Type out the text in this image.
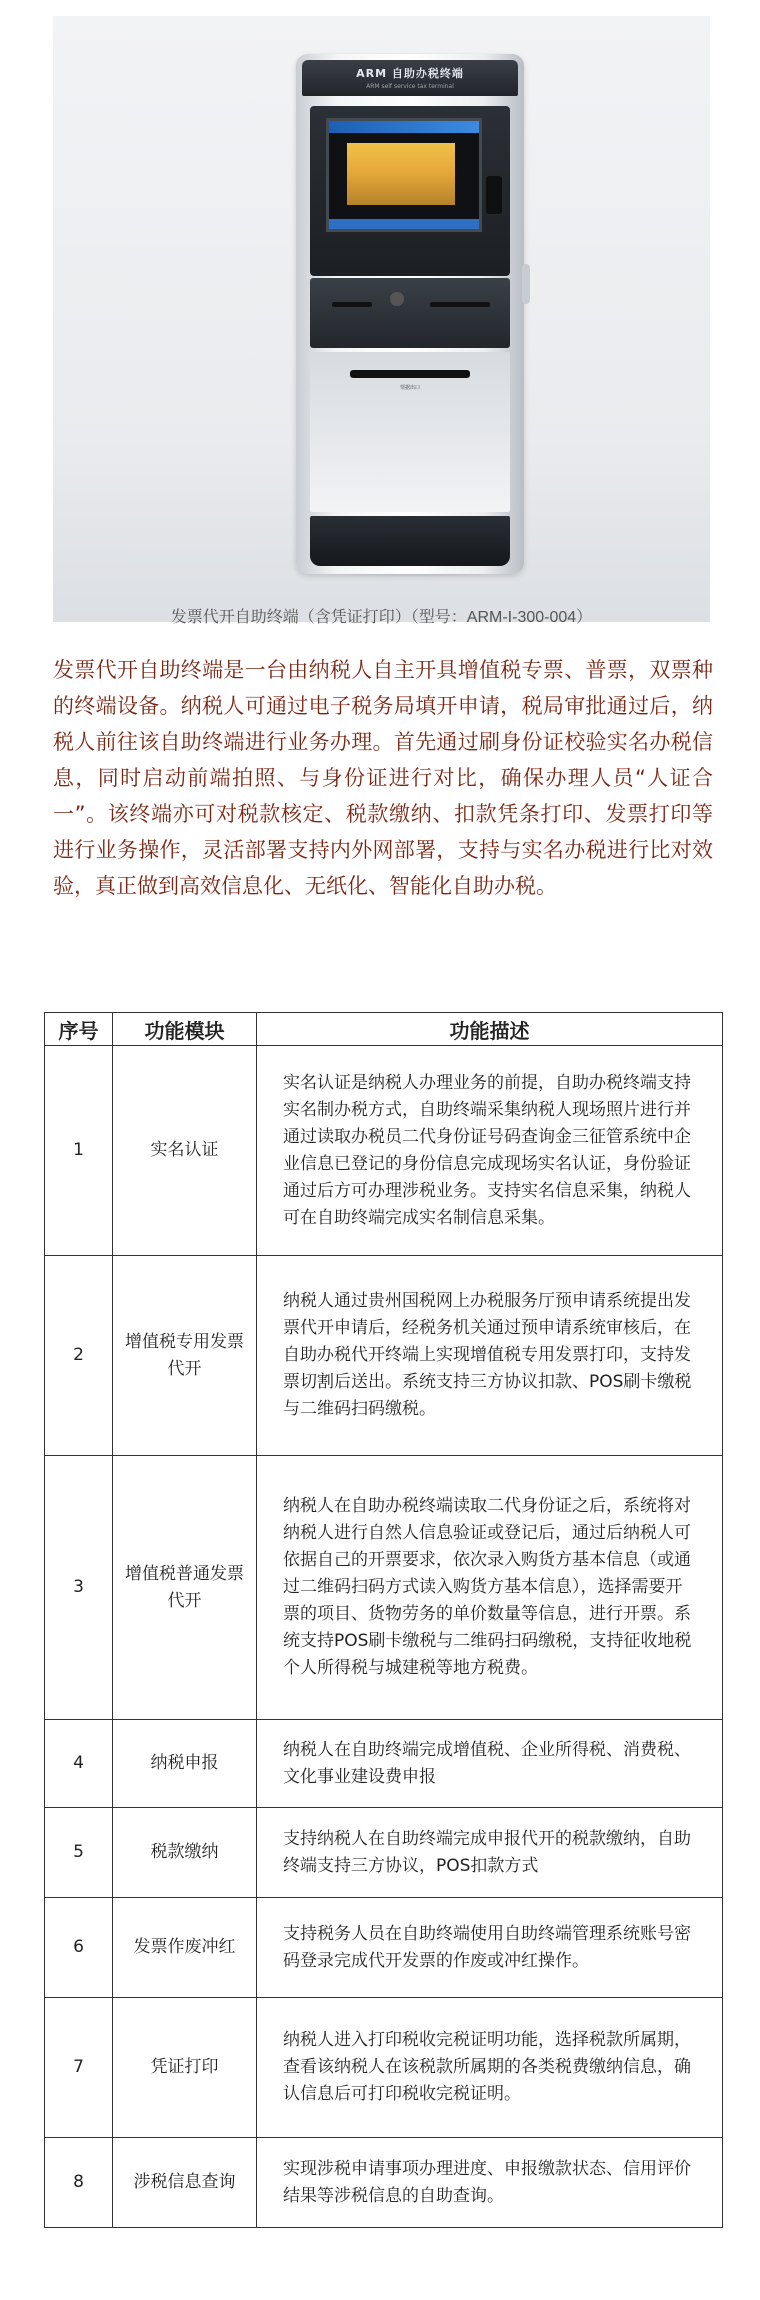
ARM 自助办税终端
ARM self service tax terminal
票据出口
发票代开自助终端（含凭证打印）（型号：ARM-I-300-004）
发票代开自助终端是一台由纳税人自主开具增值税专票、普票，双票种的终端设备。纳税人可通过电子税务局填开申请，税局审批通过后，纳税人前往该自助终端进行业务办理。首先通过刷身份证校验实名办税信息，同时启动前端拍照、与身份证进行对比，确保办理人员“人证合一”。该终端亦可对税款核定、税款缴纳、扣款凭条打印、发票打印等进行业务操作，灵活部署支持内外网部署，支持与实名办税进行比对效验，真正做到高效信息化、无纸化、智能化自助办税。
序号	功能模块	功能描述
1	实名认证	实名认证是纳税人办理业务的前提，自助办税终端支持实名制办税方式，自助终端采集纳税人现场照片进行并通过读取办税员二代身份证号码查询金三征管系统中企业信息已登记的身份信息完成现场实名认证，身份验证通过后方可办理涉税业务。支持实名信息采集，纳税人可在自助终端完成实名制信息采集。
2	增值税专用发票代开	纳税人通过贵州国税网上办税服务厅预申请系统提出发票代开申请后，经税务机关通过预申请系统审核后，在自助办税代开终端上实现增值税专用发票打印，支持发票切割后送出。系统支持三方协议扣款、POS刷卡缴税与二维码扫码缴税。
3	增值税普通发票代开	纳税人在自助办税终端读取二代身份证之后，系统将对纳税人进行自然人信息验证或登记后，通过后纳税人可依据自己的开票要求，依次录入购货方基本信息（或通过二维码扫码方式读入购货方基本信息），选择需要开票的项目、货物劳务的单价数量等信息，进行开票。系统支持POS刷卡缴税与二维码扫码缴税，支持征收地税个人所得税与城建税等地方税费。
4	纳税申报	纳税人在自助终端完成增值税、企业所得税、消费税、文化事业建设费申报
5	税款缴纳	支持纳税人在自助终端完成申报代开的税款缴纳，自助终端支持三方协议，POS扣款方式
6	发票作废冲红	支持税务人员在自助终端使用自助终端管理系统账号密码登录完成代开发票的作废或冲红操作。
7	凭证打印	纳税人进入打印税收完税证明功能，选择税款所属期，查看该纳税人在该税款所属期的各类税费缴纳信息，确认信息后可打印税收完税证明。
8	涉税信息查询	实现涉税申请事项办理进度、申报缴款状态、信用评价结果等涉税信息的自助查询。
